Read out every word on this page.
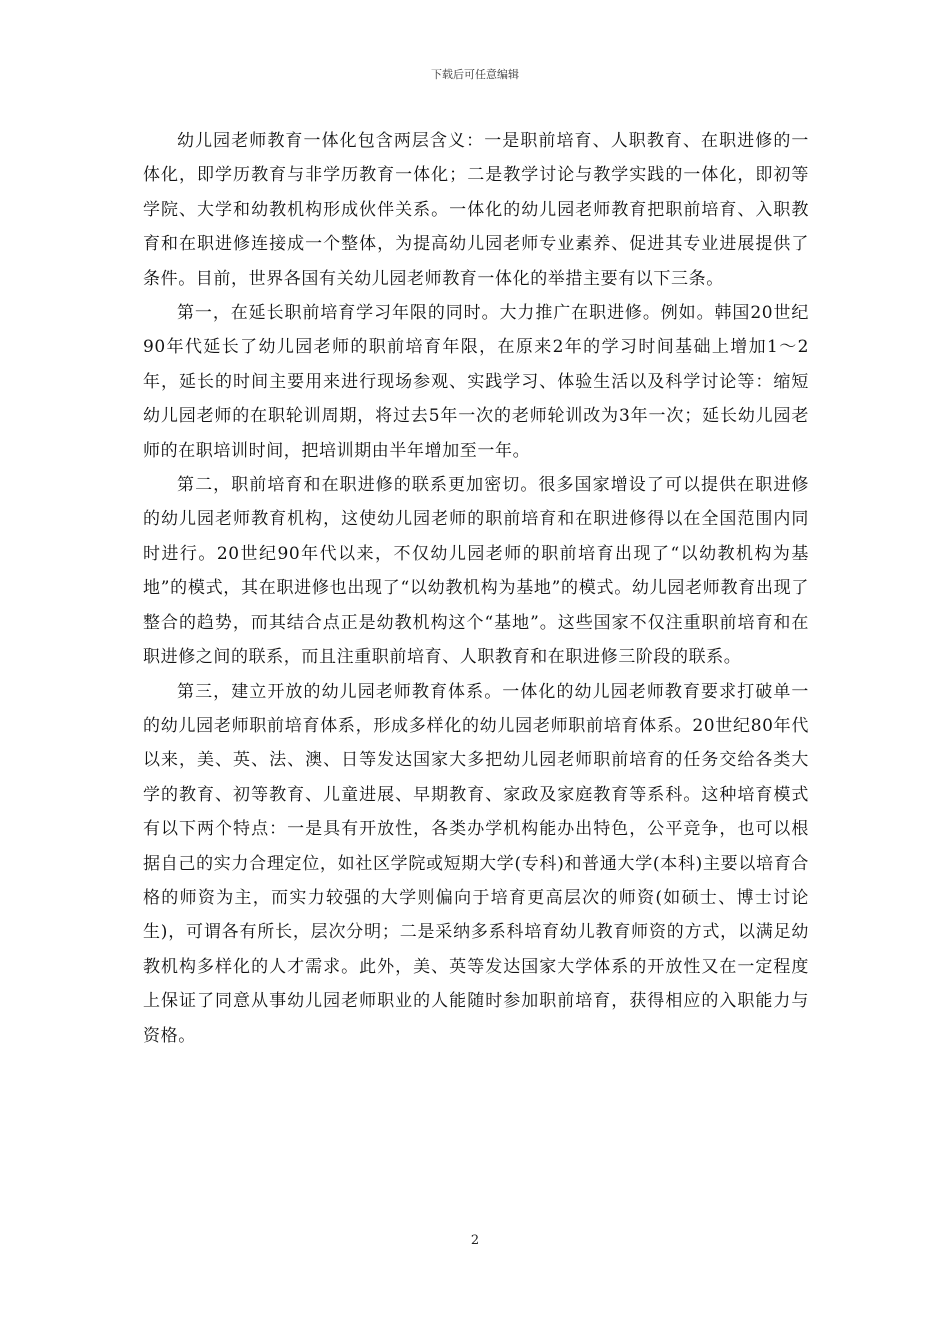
下载后可任意编辑

幼儿园老师教育一体化包含两层含义：一是职前培育、人职教育、在职进修的一体化，即学历教育与非学历教育一体化；二是教学讨论与教学实践的一体化，即初等学院、大学和幼教机构形成伙伴关系。一体化的幼儿园老师教育把职前培育、入职教育和在职进修连接成一个整体，为提高幼儿园老师专业素养、促进其专业进展提供了条件。目前，世界各国有关幼儿园老师教育一体化的举措主要有以下三条。

第一，在延长职前培育学习年限的同时。大力推广在职进修。例如。韩国20世纪90年代延长了幼儿园老师的职前培育年限，在原来2年的学习时间基础上增加1～2年，延长的时间主要用来进行现场参观、实践学习、体验生活以及科学讨论等：缩短幼儿园老师的在职轮训周期，将过去5年一次的老师轮训改为3年一次；延长幼儿园老师的在职培训时间，把培训期由半年增加至一年。

第二，职前培育和在职进修的联系更加密切。很多国家增设了可以提供在职进修的幼儿园老师教育机构，这使幼儿园老师的职前培育和在职进修得以在全国范围内同时进行。20世纪90年代以来，不仅幼儿园老师的职前培育出现了“以幼教机构为基地”的模式，其在职进修也出现了“以幼教机构为基地”的模式。幼儿园老师教育出现了整合的趋势，而其结合点正是幼教机构这个“基地”。这些国家不仅注重职前培育和在职进修之间的联系，而且注重职前培育、人职教育和在职进修三阶段的联系。

第三，建立开放的幼儿园老师教育体系。一体化的幼儿园老师教育要求打破单一的幼儿园老师职前培育体系，形成多样化的幼儿园老师职前培育体系。20世纪80年代以来，美、英、法、澳、日等发达国家大多把幼儿园老师职前培育的任务交给各类大学的教育、初等教育、儿童进展、早期教育、家政及家庭教育等系科。这种培育模式有以下两个特点：一是具有开放性，各类办学机构能办出特色，公平竞争，也可以根据自己的实力合理定位，如社区学院或短期大学(专科)和普通大学(本科)主要以培育合格的师资为主，而实力较强的大学则偏向于培育更高层次的师资(如硕士、博士讨论生)，可谓各有所长，层次分明；二是采纳多系科培育幼儿教育师资的方式，以满足幼教机构多样化的人才需求。此外，美、英等发达国家大学体系的开放性又在一定程度上保证了同意从事幼儿园老师职业的人能随时参加职前培育，获得相应的入职能力与资格。

2
